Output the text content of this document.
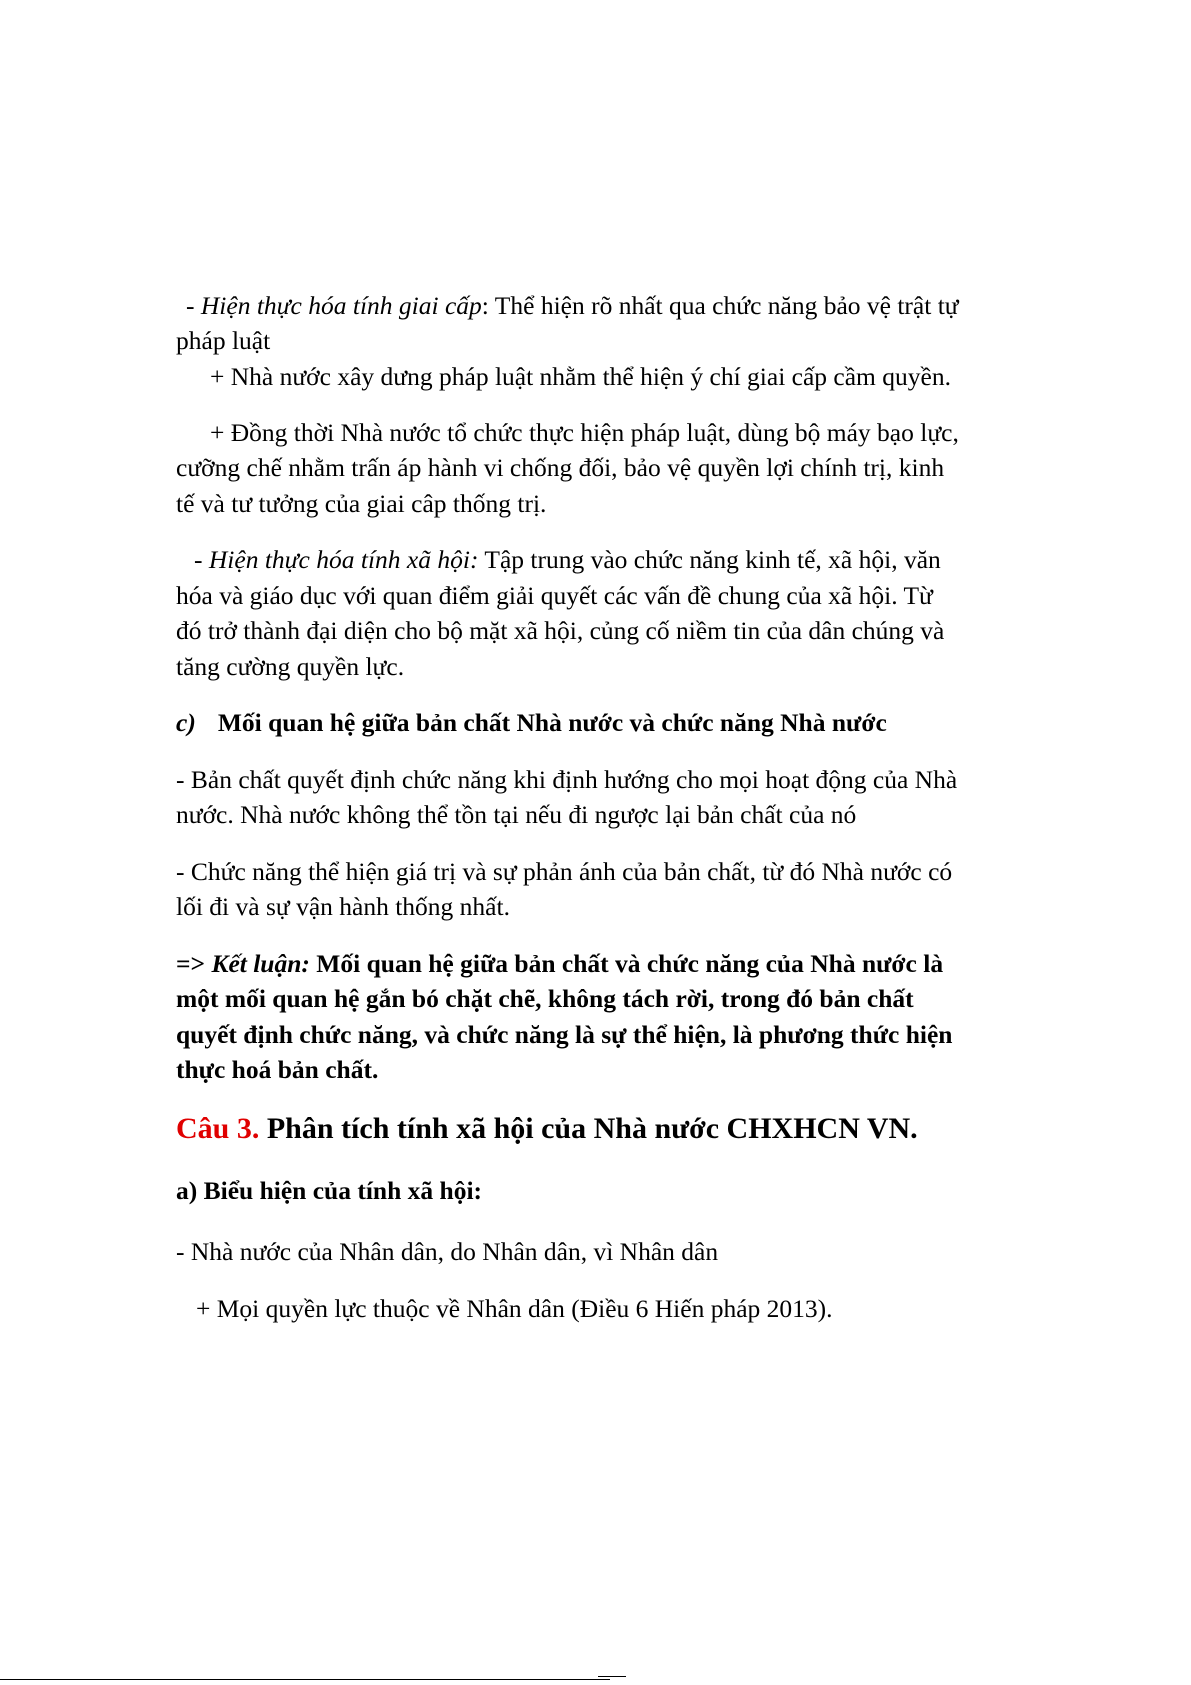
- Hiện thực hóa tính giai cấp: Thể hiện rõ nhất qua chức năng bảo vệ trật tự
pháp luật
+ Nhà nước xây dưng pháp luật nhằm thể hiện ý chí giai cấp cầm quyền.
+ Đồng thời Nhà nước tổ chức thực hiện pháp luật, dùng bộ máy bạo lực,
cưỡng chế nhằm trấn áp hành vi chống đối, bảo vệ quyền lợi chính trị, kinh
tế và tư tưởng của giai câp thống trị.
- Hiện thực hóa tính xã hội: Tập trung vào chức năng kinh tế, xã hội, văn
hóa và giáo dục với quan điểm giải quyết các vấn đề chung của xã hội. Từ
đó trở thành đại diện cho bộ mặt xã hội, củng cố niềm tin của dân chúng và
tăng cường quyền lực.
c) Mối quan hệ giữa bản chất Nhà nước và chức năng Nhà nước
- Bản chất quyết định chức năng khi định hướng cho mọi hoạt động của Nhà
nước. Nhà nước không thể tồn tại nếu đi ngược lại bản chất của nó
- Chức năng thể hiện giá trị và sự phản ánh của bản chất, từ đó Nhà nước có
lối đi và sự vận hành thống nhất.
=> Kết luận: Mối quan hệ giữa bản chất và chức năng của Nhà nước là
một mối quan hệ gắn bó chặt chẽ, không tách rời, trong đó bản chất
quyết định chức năng, và chức năng là sự thể hiện, là phương thức hiện
thực hoá bản chất.
Câu 3. Phân tích tính xã hội của Nhà nước CHXHCN VN.
a) Biểu hiện của tính xã hội:
- Nhà nước của Nhân dân, do Nhân dân, vì Nhân dân
+ Mọi quyền lực thuộc về Nhân dân (Điều 6 Hiến pháp 2013).
